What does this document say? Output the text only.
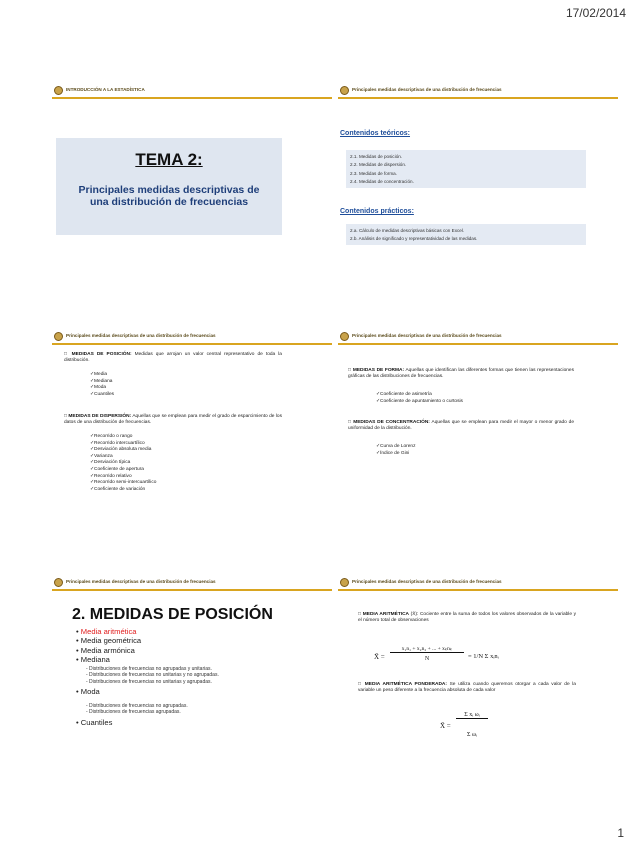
17/02/2014
INTRODUCCIÓN A LA ESTADÍSTICA
TEMA 2:
Principales medidas descriptivas de
una distribución de frecuencias
Principales medidas descriptivas de una distribución de frecuencias
Contenidos teóricos:
2.1. Medidas de posición.
2.2. Medidas de dispersión.
2.3. Medidas de forma.
2.4. Medidas de concentración.
Contenidos prácticos:
2.a. Cálculo de medidas descriptivas básicas con Excel.
2.b. Análisis de significado y representatividad de las medidas.
Principales medidas descriptivas de una distribución de frecuencias
□ MEDIDAS DE POSICIÓN: Medidas que arrojan un valor central representativo de toda la distribución.
✓Media
✓Mediana
✓Moda
✓Cuantiles
□ MEDIDAS DE DISPERSIÓN: Aquellas que se emplean para medir el grado de esparcimiento de los datos de una distribución de frecuencias.
✓Recorrido o rango
✓Recorrido intercuartílico
✓Desviación absoluta media
✓Varianza
✓Desviación típica
✓Coeficiente de apertura
✓Recorrido relativo
✓Recorrido semi-intercuartílico
✓Coeficiente de variación
Principales medidas descriptivas de una distribución de frecuencias
□ MEDIDAS DE FORMA: Aquellas que identifican las diferentes formas que tienen las representaciones gráficas de las distribuciones de frecuencias.
✓Coeficiente de asimetría
✓Coeficiente de apuntamiento o curtosis
□ MEDIDAS DE CONCENTRACIÓN: Aquellas que se emplean para medir el mayor o menor grado de uniformidad de la distribución.
✓Curva de Lorenz
✓Índice de Gini
Principales medidas descriptivas de una distribución de frecuencias
2. MEDIDAS DE POSICIÓN
• Media aritmética
• Media geométrica
• Media armónica
• Mediana
- Distribuciones de frecuencias no agrupadas y unitarias.
- Distribuciones de frecuencias no unitarias y no agrupadas.
- Distribuciones de frecuencias no unitarias y agrupadas.
• Moda
- Distribuciones de frecuencias no agrupadas.
- Distribuciones de frecuencias agrupadas.
• Cuantiles
Principales medidas descriptivas de una distribución de frecuencias
□ MEDIA ARITMÉTICA (X̄): Cociente entre la suma de todos los valores observados de la variable y el número total de observaciones
X̄ =
x₁n₁ + x₂n₂ + ... + xₖnₖ
N	= 1/N Σ xᵢnᵢ
□ MEDIA ARITMÉTICA PONDERADA: Se utiliza cuando queremos otorgar a cada valor de la variable un peso diferente a la frecuencia absoluta de cada valor
X̄ =
Σ xᵢ ωᵢ
Σ ωᵢ
1
